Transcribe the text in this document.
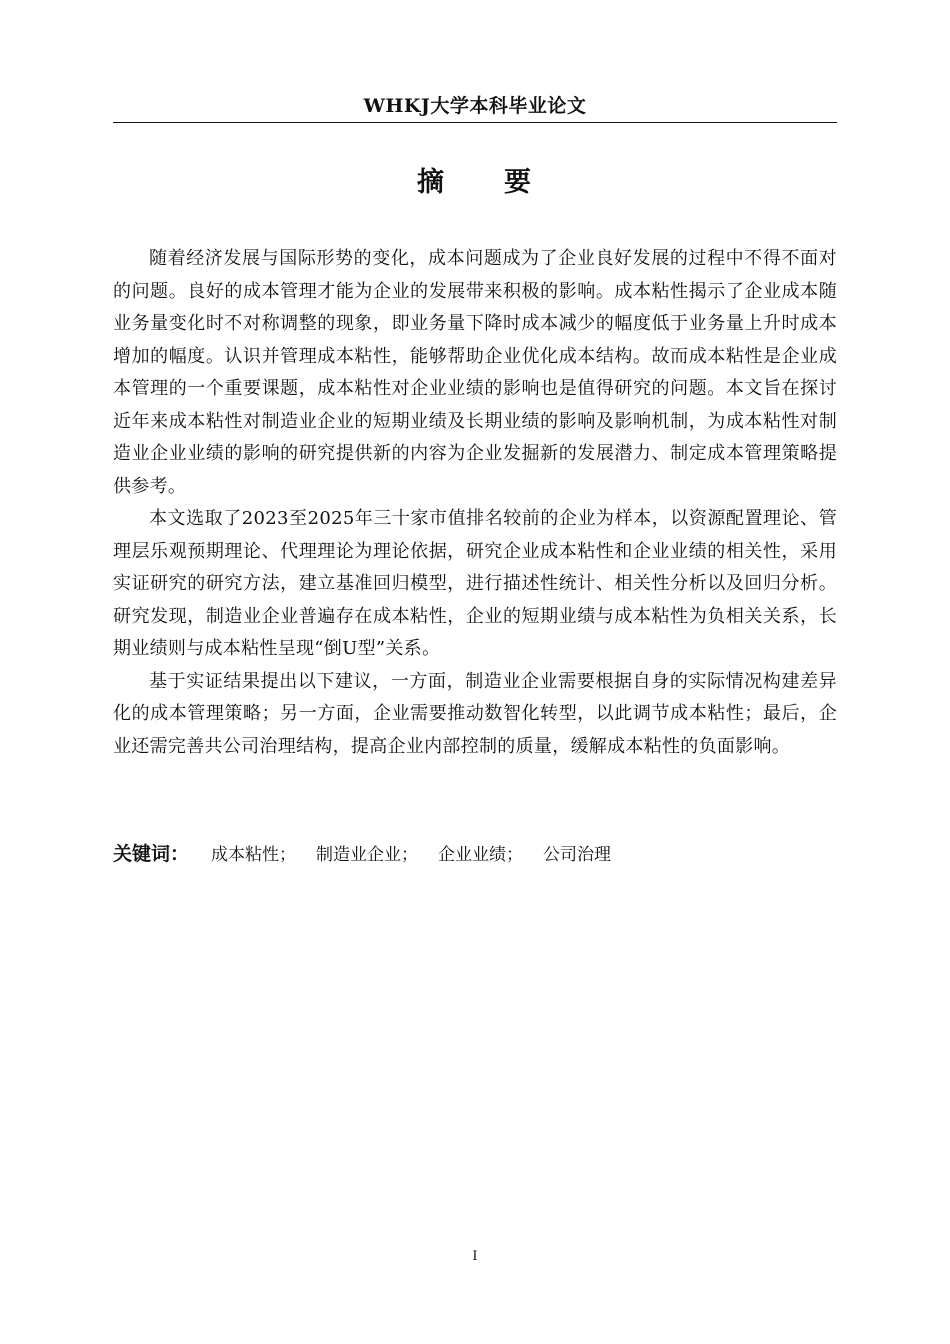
WHKJ大学本科毕业论文
摘 要

随着经济发展与国际形势的变化，成本问题成为了企业良好发展的过程中不得不面对的问题。良好的成本管理才能为企业的发展带来积极的影响。成本粘性揭示了企业成本随业务量变化时不对称调整的现象，即业务量下降时成本减少的幅度低于业务量上升时成本增加的幅度。认识并管理成本粘性，能够帮助企业优化成本结构。故而成本粘性是企业成本管理的一个重要课题，成本粘性对企业业绩的影响也是值得研究的问题。本文旨在探讨近年来成本粘性对制造业企业的短期业绩及长期业绩的影响及影响机制，为成本粘性对制造业企业业绩的影响的研究提供新的内容为企业发掘新的发展潜力、制定成本管理策略提供参考。

本文选取了2023至2025年三十家市值排名较前的企业为样本，以资源配置理论、管理层乐观预期理论、代理理论为理论依据，研究企业成本粘性和企业业绩的相关性，采用实证研究的研究方法，建立基准回归模型，进行描述性统计、相关性分析以及回归分析。研究发现，制造业企业普遍存在成本粘性，企业的短期业绩与成本粘性为负相关关系，长期业绩则与成本粘性呈现“倒U型”关系。

基于实证结果提出以下建议，一方面，制造业企业需要根据自身的实际情况构建差异化的成本管理策略；另一方面，企业需要推动数智化转型，以此调节成本粘性；最后，企业还需完善共公司治理结构，提高企业内部控制的质量，缓解成本粘性的负面影响。

关键词： 成本粘性； 制造业企业； 企业业绩； 公司治理
I
